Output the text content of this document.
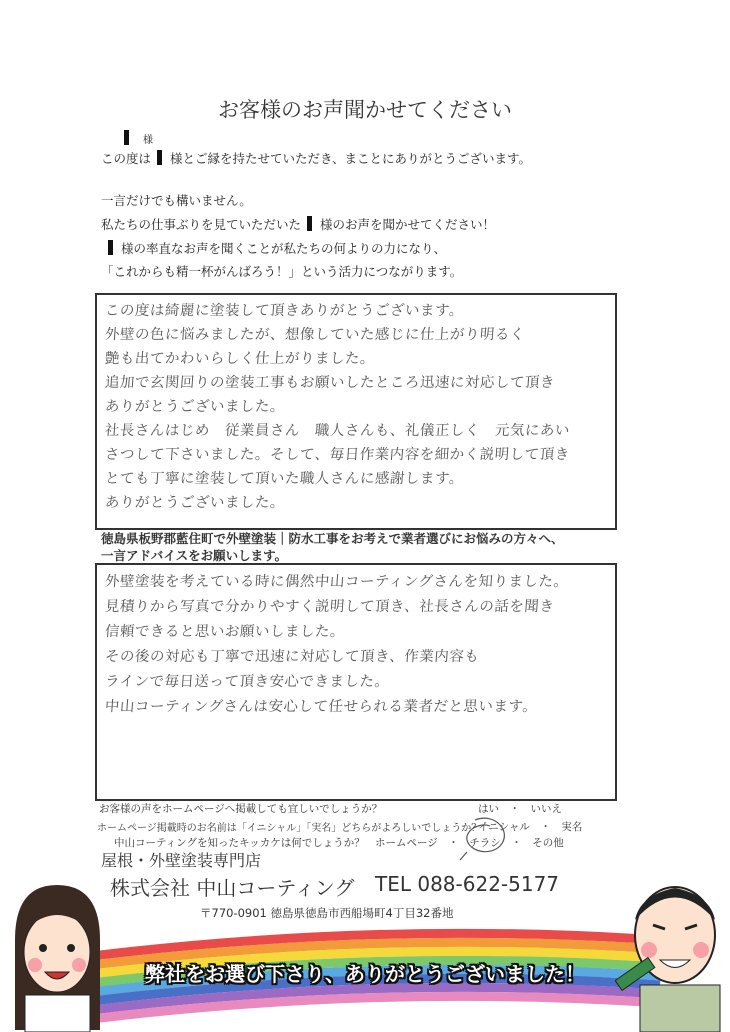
お客様のお声聞かせてください
様
この度は 様とご縁を持たせていただき、まことにありがとうございます。
一言だけでも構いません。
私たちの仕事ぶりを見ていただいた 様のお声を聞かせてください！
様の率直なお声を聞くことが私たちの何よりの力になり、
「これからも精一杯がんばろう！」という活力につながります。
この度は綺麗に塗装して頂きありがとうございます。
外壁の色に悩みましたが、想像していた感じに仕上がり明るく
艶も出てかわいらしく仕上がりました。
追加で玄関回りの塗装工事もお願いしたところ迅速に対応して頂き
ありがとうございました。
社長さんはじめ　従業員さん　職人さんも、礼儀正しく　元気にあい
さつして下さいました。そして、毎日作業内容を細かく説明して頂き
とても丁寧に塗装して頂いた職人さんに感謝します。
ありがとうございました。
徳島県板野郡藍住町で外壁塗装｜防水工事をお考えで業者選びにお悩みの方々へ、
一言アドバイスをお願いします。
外壁塗装を考えている時に偶然中山コーティングさんを知りました。
見積りから写真で分かりやすく説明して頂き、社長さんの話を聞き
信頼できると思いお願いしました。
その後の対応も丁寧で迅速に対応して頂き、作業内容も
ラインで毎日送って頂き安心できました。
中山コーティングさんは安心して任せられる業者だと思います。
お客様の声をホームページへ掲載しても宜しいでしょうか？	はい　・　いいえ
ホームページ掲載時のお名前は「イニシャル」「実名」どちらがよろしいでしょうか？
イニシャル　・　実名
中山コーティングを知ったキッカケは何でしょうか？ ホームページ　・　チラシ　・　その他
屋根・外壁塗装専門店
株式会社 中山コーティング TEL 088-622-5177
〒770-0901 徳島県徳島市西船場町4丁目32番地
弊社をお選び下さり、ありがとうございました！
